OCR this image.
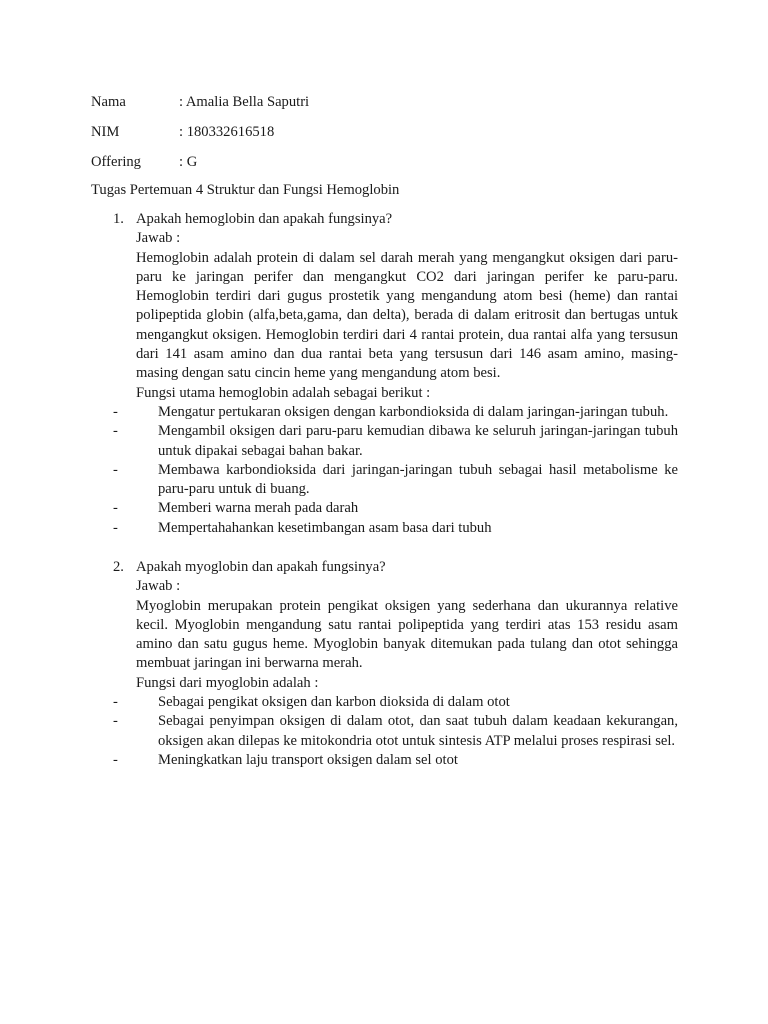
Nama	: Amalia Bella Saputri
NIM	: 180332616518
Offering	: G
Tugas Pertemuan 4 Struktur dan Fungsi Hemoglobin
1. Apakah hemoglobin dan apakah fungsinya?
Jawab :

Hemoglobin adalah protein di dalam sel darah merah yang mengangkut oksigen dari paru-paru ke jaringan perifer dan mengangkut CO2 dari jaringan perifer ke paru-paru. Hemoglobin terdiri dari gugus prostetik yang mengandung atom besi (heme) dan rantai polipeptida globin (alfa,beta,gama, dan delta), berada di dalam eritrosit dan bertugas untuk mengangkut oksigen. Hemoglobin terdiri dari 4 rantai protein, dua rantai alfa yang tersusun dari 141 asam amino dan dua rantai beta yang tersusun dari 146 asam amino, masing-masing dengan satu cincin heme yang mengandung atom besi.

Fungsi utama hemoglobin adalah sebagai berikut :
-	Mengatur pertukaran oksigen dengan karbondioksida di dalam jaringan-jaringan tubuh.
-	Mengambil oksigen dari paru-paru kemudian dibawa ke seluruh jaringan-jaringan tubuh untuk dipakai sebagai bahan bakar.
-	Membawa karbondioksida dari jaringan-jaringan tubuh sebagai hasil metabolisme ke paru-paru untuk di buang.
-	Memberi warna merah pada darah
-	Mempertahahankan kesetimbangan asam basa dari tubuh
2. Apakah myoglobin dan apakah fungsinya?
Jawab :

Myoglobin merupakan protein pengikat oksigen yang sederhana dan ukurannya relative kecil. Myoglobin mengandung satu rantai polipeptida yang terdiri atas 153 residu asam amino dan satu gugus heme. Myoglobin banyak ditemukan pada tulang dan otot sehingga membuat jaringan ini berwarna merah.

Fungsi dari myoglobin adalah :
-	Sebagai pengikat oksigen dan karbon dioksida di dalam otot
-	Sebagai penyimpan oksigen di dalam otot, dan saat tubuh dalam keadaan kekurangan, oksigen akan dilepas ke mitokondria otot untuk sintesis ATP melalui proses respirasi sel.
-	Meningkatkan laju transport oksigen dalam sel otot
